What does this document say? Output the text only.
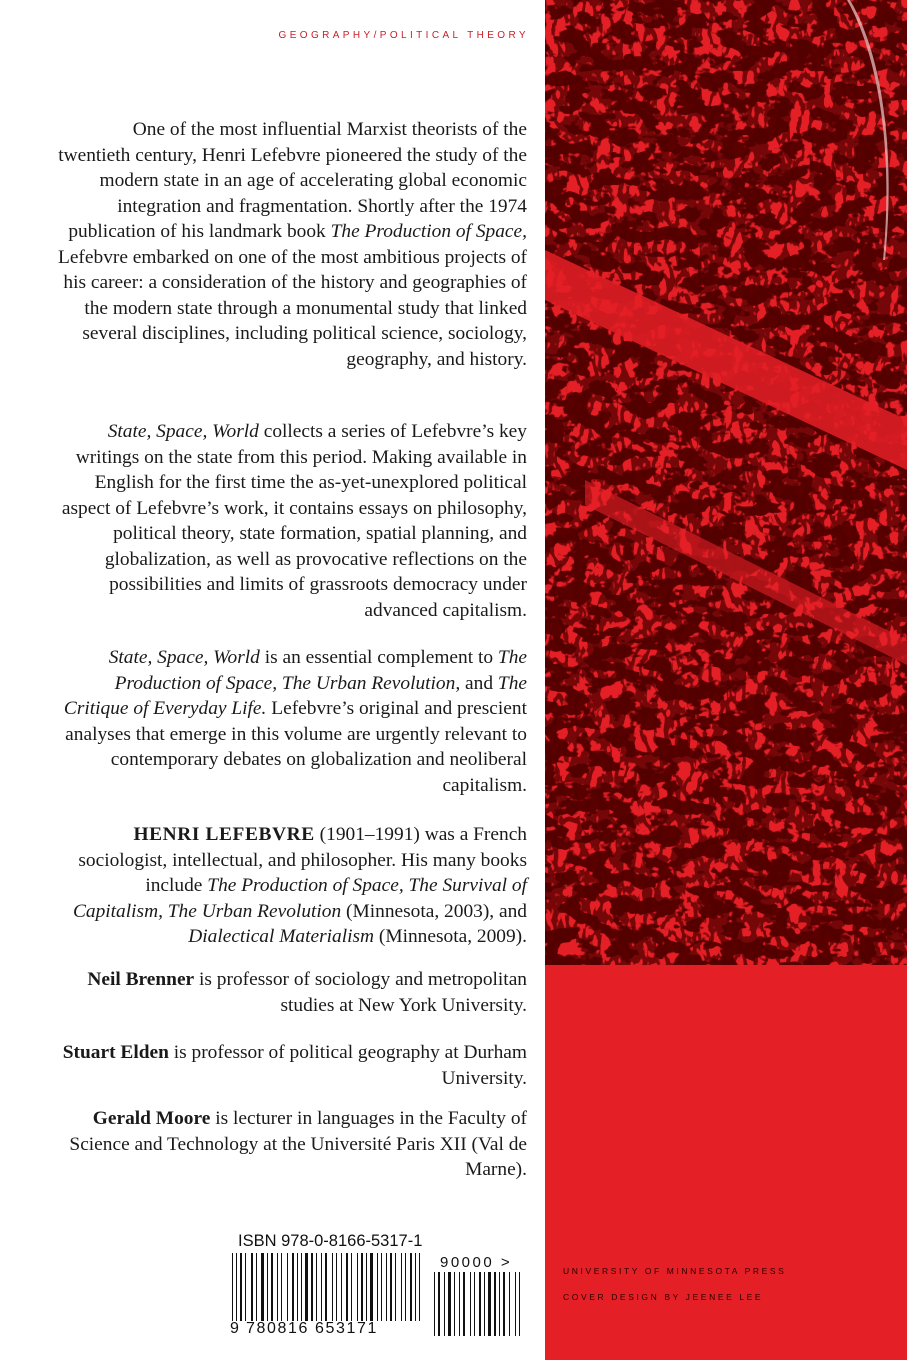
GEOGRAPHY/POLITICAL THEORY

One of the most influential Marxist theorists of the twentieth century, Henri Lefebvre pioneered the study of the modern state in an age of accelerating global economic integration and fragmentation. Shortly after the 1974 publication of his landmark book The Production of Space, Lefebvre embarked on one of the most ambitious projects of his career: a consideration of the history and geographies of the modern state through a monumental study that linked several disciplines, including political science, sociology, geography, and history.

State, Space, World collects a series of Lefebvre’s key writings on the state from this period. Making available in English for the first time the as-yet-unexplored political aspect of Lefebvre’s work, it contains essays on philosophy, political theory, state formation, spatial planning, and globalization, as well as provocative reflections on the possibilities and limits of grassroots democracy under advanced capitalism.

State, Space, World is an essential complement to The Production of Space, The Urban Revolution, and The Critique of Everyday Life. Lefebvre’s original and prescient analyses that emerge in this volume are urgently relevant to contemporary debates on globalization and neoliberal capitalism.

HENRI LEFEBVRE (1901–1991) was a French sociologist, intellectual, and philosopher. His many books include The Production of Space, The Survival of Capitalism, The Urban Revolution (Minnesota, 2003), and Dialectical Materialism (Minnesota, 2009).

Neil Brenner is professor of sociology and metropolitan studies at New York University.

Stuart Elden is professor of political geography at Durham University.

Gerald Moore is lecturer in languages in the Faculty of Science and Technology at the Université Paris XII (Val de Marne).

ISBN 978-0-8166-5317-1
90000 >
9 780816 653171
UNIVERSITY OF MINNESOTA PRESS
COVER DESIGN BY JEENEE LEE
